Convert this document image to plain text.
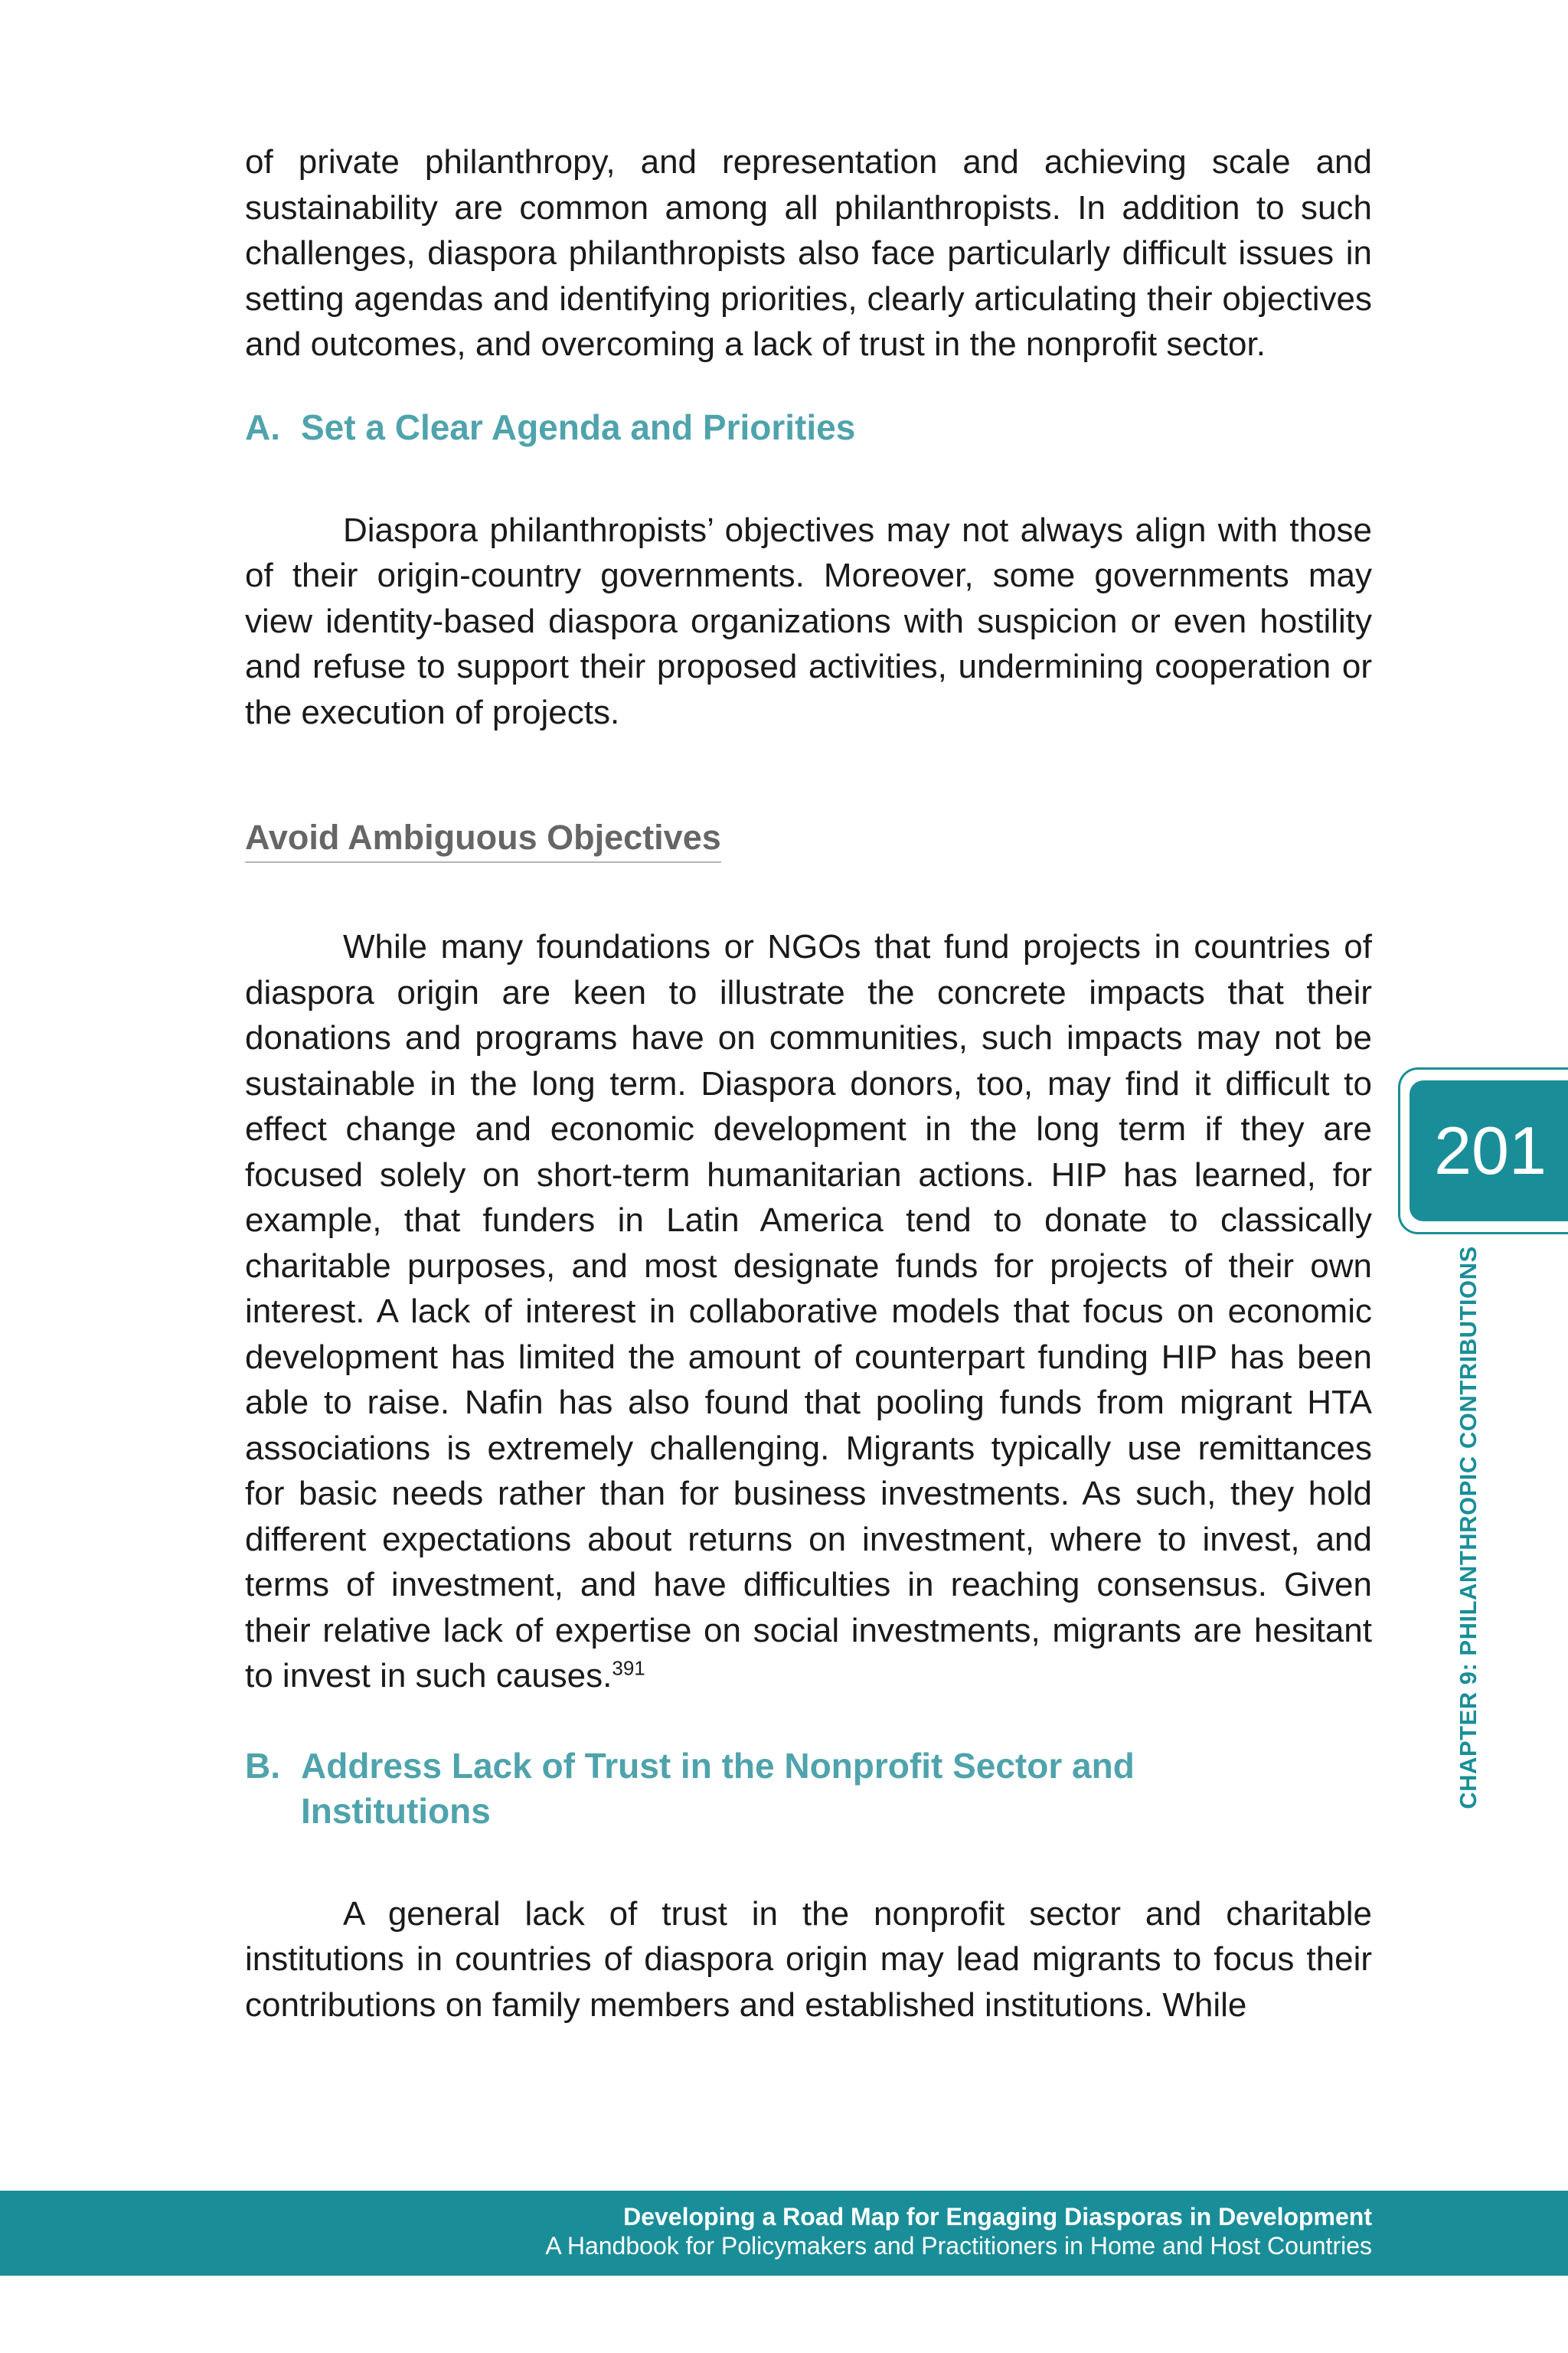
of private philanthropy, and representation and achieving scale and sustainability are common among all philanthropists. In addition to such challenges, diaspora philanthropists also face particularly difficult issues in setting agendas and identifying priorities, clearly articulating their objectives and outcomes, and overcoming a lack of trust in the nonprofit sector.

A. Set a Clear Agenda and Priorities

Diaspora philanthropists’ objectives may not always align with those of their origin-country governments. Moreover, some governments may view identity-based diaspora organizations with suspicion or even hostility and refuse to support their proposed activities, undermining cooperation or the execution of projects.

Avoid Ambiguous Objectives

While many foundations or NGOs that fund projects in countries of diaspora origin are keen to illustrate the concrete impacts that their donations and programs have on communities, such impacts may not be sustainable in the long term. Diaspora donors, too, may find it difficult to effect change and economic development in the long term if they are focused solely on short-term humanitarian actions. HIP has learned, for example, that funders in Latin America tend to donate to classically charitable purposes, and most designate funds for projects of their own interest. A lack of interest in collaborative models that focus on economic development has limited the amount of counterpart funding HIP has been able to raise. Nafin has also found that pooling funds from migrant HTA associations is extremely challenging. Migrants typically use remittances for basic needs rather than for business investments. As such, they hold different expectations about returns on investment, where to invest, and terms of investment, and have difficulties in reaching consensus. Given their relative lack of expertise on social investments, migrants are hesitant to invest in such causes.$^{391}$

B. Address Lack of Trust in the Nonprofit Sector and Institutions

A general lack of trust in the nonprofit sector and charitable institutions in countries of diaspora origin may lead migrants to focus their contributions on family members and established institutions. While

201
CHAPTER 9: PHILANTHROPIC CONTRIBUTIONS
Developing a Road Map for Engaging Diasporas in Development
A Handbook for Policymakers and Practitioners in Home and Host Countries
